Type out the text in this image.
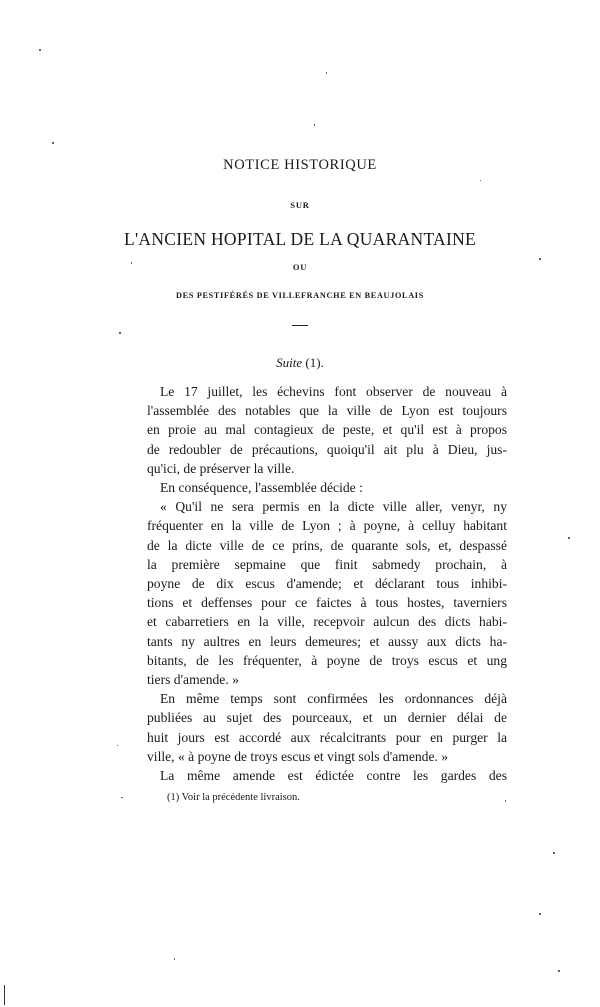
NOTICE HISTORIQUE
SUR
L'ANCIEN HOPITAL DE LA QUARANTAINE
OU
DES PESTIFÉRÉS DE VILLEFRANCHE EN BEAUJOLAIS
Suite (1).

Le 17 juillet, les échevins font observer de nouveau à

l'assemblée des notables que la ville de Lyon est toujours

en proie au mal contagieux de peste, et qu'il est à propos

de redoubler de précautions, quoiqu'il ait plu à Dieu, jus-

qu'ici, de préserver la ville.

En conséquence, l'assemblée décide :

« Qu'il ne sera permis en la dicte ville aller, venyr, ny

fréquenter en la ville de Lyon ; à poyne, à celluy habitant

de la dicte ville de ce prins, de quarante sols, et, despassé

la première sepmaine que finit sabmedy prochain, à

poyne de dix escus d'amende; et déclarant tous inhibi-

tions et deffenses pour ce faictes à tous hostes, taverniers

et cabarretiers en la ville, recepvoir aulcun des dicts habi-

tants ny aultres en leurs demeures; et aussy aux dicts ha-

bitants, de les fréquenter, à poyne de troys escus et ung

tiers d'amende. »

En même temps sont confirmées les ordonnances déjà

publiées au sujet des pourceaux, et un dernier délai de

huit jours est accordé aux récalcitrants pour en purger la

ville, « à poyne de troys escus et vingt sols d'amende. »

La même amende est édictée contre les gardes des

(1) Voir la précédente livraison.
